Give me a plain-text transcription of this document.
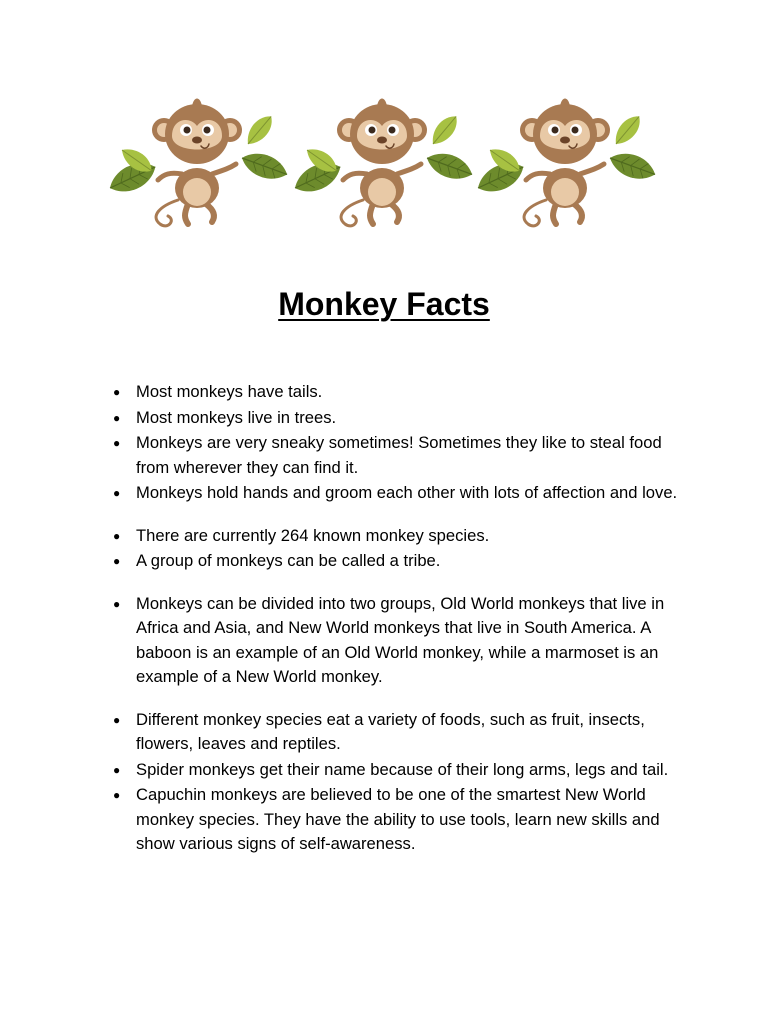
Monkey Facts
● Most monkeys have tails.
● Most monkeys live in trees.
● Monkeys are very sneaky sometimes! Sometimes they like to steal food from wherever they can find it.
● Monkeys hold hands and groom each other with lots of affection and love.
● There are currently 264 known monkey species.
● A group of monkeys can be called a tribe.
● Monkeys can be divided into two groups, Old World monkeys that live in Africa and Asia, and New World monkeys that live in South America. A baboon is an example of an Old World monkey, while a marmoset is an example of a New World monkey.
● Different monkey species eat a variety of foods, such as fruit, insects, flowers, leaves and reptiles.
● Spider monkeys get their name because of their long arms, legs and tail.
● Capuchin monkeys are believed to be one of the smartest New World monkey species. They have the ability to use tools, learn new skills and show various signs of self-awareness.
